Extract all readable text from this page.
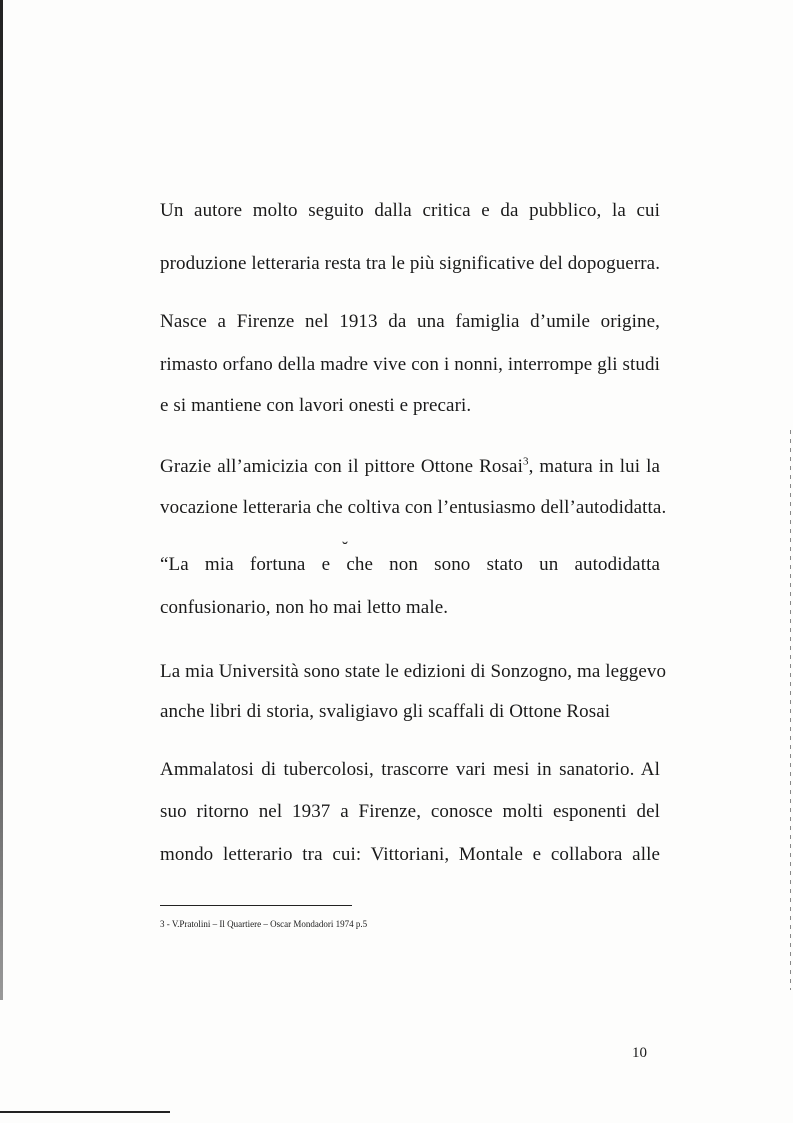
Un autore molto seguito dalla critica e da pubblico, la cui
produzione letteraria resta tra le più significative del dopoguerra.
Nasce a Firenze nel 1913 da una famiglia d’umile origine,
rimasto orfano della madre vive con i nonni, interrompe gli studi
e si mantiene con lavori onesti e precari.
Grazie all’amicizia con il pittore Ottone Rosai$^3$, matura in lui la
vocazione letteraria che coltiva con l’entusiasmo dell’autodidatta.
˘
“La mia fortuna e che non sono stato un autodidatta
confusionario, non ho mai letto male.
La mia Università sono state le edizioni di Sonzogno, ma leggevo
anche libri di storia, svaligiavo gli scaffali di Ottone Rosai
Ammalatosi di tubercolosi, trascorre vari mesi in sanatorio. Al
suo ritorno nel 1937 a Firenze, conosce molti esponenti del
mondo letterario tra cui: Vittoriani, Montale e collabora alle
3 - V.Pratolini – Il Quartiere – Oscar Mondadori 1974 p.5
10
